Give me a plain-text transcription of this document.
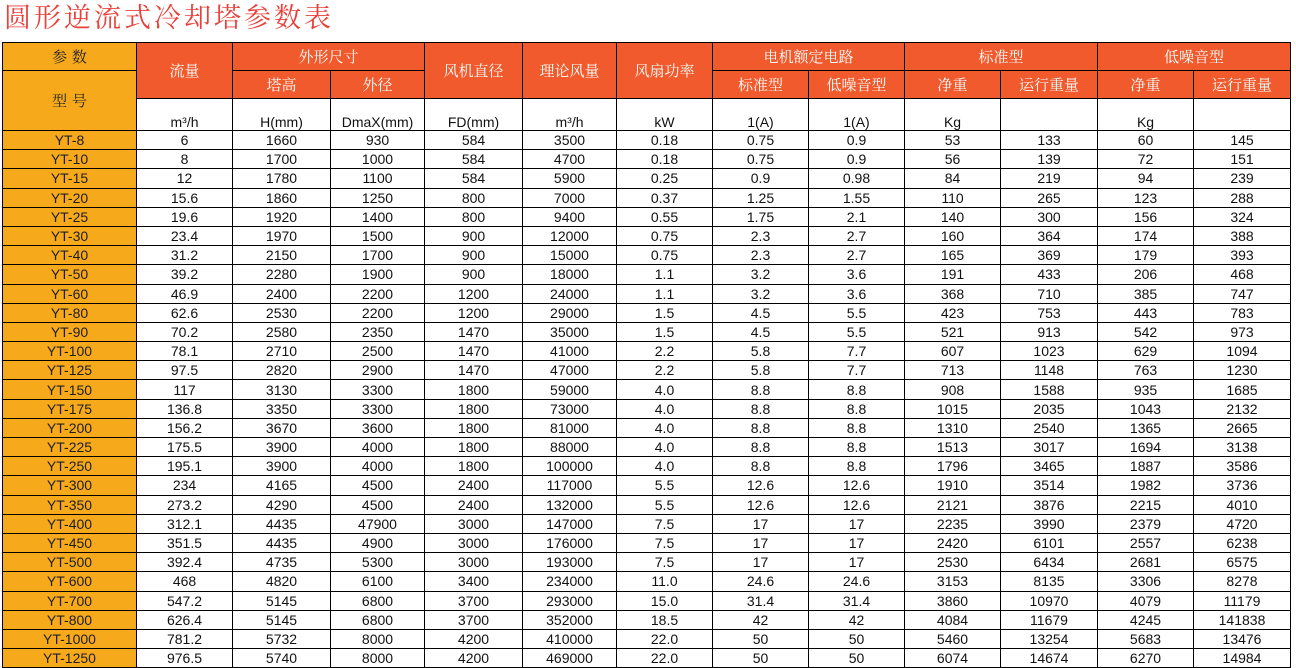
圆形逆流式冷却塔参数表
参 数	流量	外形尺寸		风机直径	理论风量	风扇功率	电机额定电路		标准型		低噪音型	
型 号		塔高	外径				标准型	低噪音型	净重	运行重量	净重	运行重量
	m³/h	H(mm)	DmaX(mm)	FD(mm)	m³/h	kW	1(A)	1(A)	Kg		Kg	
YT-8	6	1660	930	584	3500	0.18	0.75	0.9	53	133	60	145
YT-10	8	1700	1000	584	4700	0.18	0.75	0.9	56	139	72	151
YT-15	12	1780	1100	584	5900	0.25	0.9	0.98	84	219	94	239
YT-20	15.6	1860	1250	800	7000	0.37	1.25	1.55	110	265	123	288
YT-25	19.6	1920	1400	800	9400	0.55	1.75	2.1	140	300	156	324
YT-30	23.4	1970	1500	900	12000	0.75	2.3	2.7	160	364	174	388
YT-40	31.2	2150	1700	900	15000	0.75	2.3	2.7	165	369	179	393
YT-50	39.2	2280	1900	900	18000	1.1	3.2	3.6	191	433	206	468
YT-60	46.9	2400	2200	1200	24000	1.1	3.2	3.6	368	710	385	747
YT-80	62.6	2530	2200	1200	29000	1.5	4.5	5.5	423	753	443	783
YT-90	70.2	2580	2350	1470	35000	1.5	4.5	5.5	521	913	542	973
YT-100	78.1	2710	2500	1470	41000	2.2	5.8	7.7	607	1023	629	1094
YT-125	97.5	2820	2900	1470	47000	2.2	5.8	7.7	713	1148	763	1230
YT-150	117	3130	3300	1800	59000	4.0	8.8	8.8	908	1588	935	1685
YT-175	136.8	3350	3300	1800	73000	4.0	8.8	8.8	1015	2035	1043	2132
YT-200	156.2	3670	3600	1800	81000	4.0	8.8	8.8	1310	2540	1365	2665
YT-225	175.5	3900	4000	1800	88000	4.0	8.8	8.8	1513	3017	1694	3138
YT-250	195.1	3900	4000	1800	100000	4.0	8.8	8.8	1796	3465	1887	3586
YT-300	234	4165	4500	2400	117000	5.5	12.6	12.6	1910	3514	1982	3736
YT-350	273.2	4290	4500	2400	132000	5.5	12.6	12.6	2121	3876	2215	4010
YT-400	312.1	4435	47900	3000	147000	7.5	17	17	2235	3990	2379	4720
YT-450	351.5	4435	4900	3000	176000	7.5	17	17	2420	6101	2557	6238
YT-500	392.4	4735	5300	3000	193000	7.5	17	17	2530	6434	2681	6575
YT-600	468	4820	6100	3400	234000	11.0	24.6	24.6	3153	8135	3306	8278
YT-700	547.2	5145	6800	3700	293000	15.0	31.4	31.4	3860	10970	4079	11179
YT-800	626.4	5145	6800	3700	352000	18.5	42	42	4084	11679	4245	141838
YT-1000	781.2	5732	8000	4200	410000	22.0	50	50	5460	13254	5683	13476
YT-1250	976.5	5740	8000	4200	469000	22.0	50	50	6074	14674	6270	14984
